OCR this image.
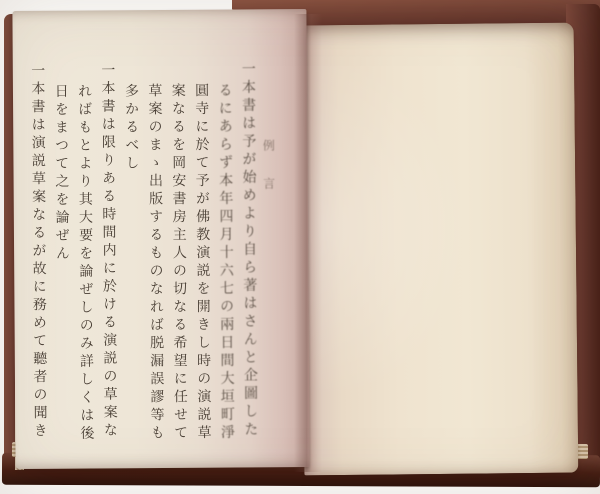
例言
一本書は予が始めより自ら著はさんと企圖した
るにあらず本年四月十六七の兩日間大垣町淨
圓寺に於て予が佛教演説を開きし時の演説草
案なるを岡安書房主人の切なる希望に任せて
草案のまゝ出版するものなれば脱漏誤謬等も
多かるべし
一本書は限りある時間内に於ける演説の草案な
ればもとより其大要を論ぜしのみ詳しくは後
日をまつて之を論ぜん
一本書は演説草案なるが故に務めて聽者の聞き
